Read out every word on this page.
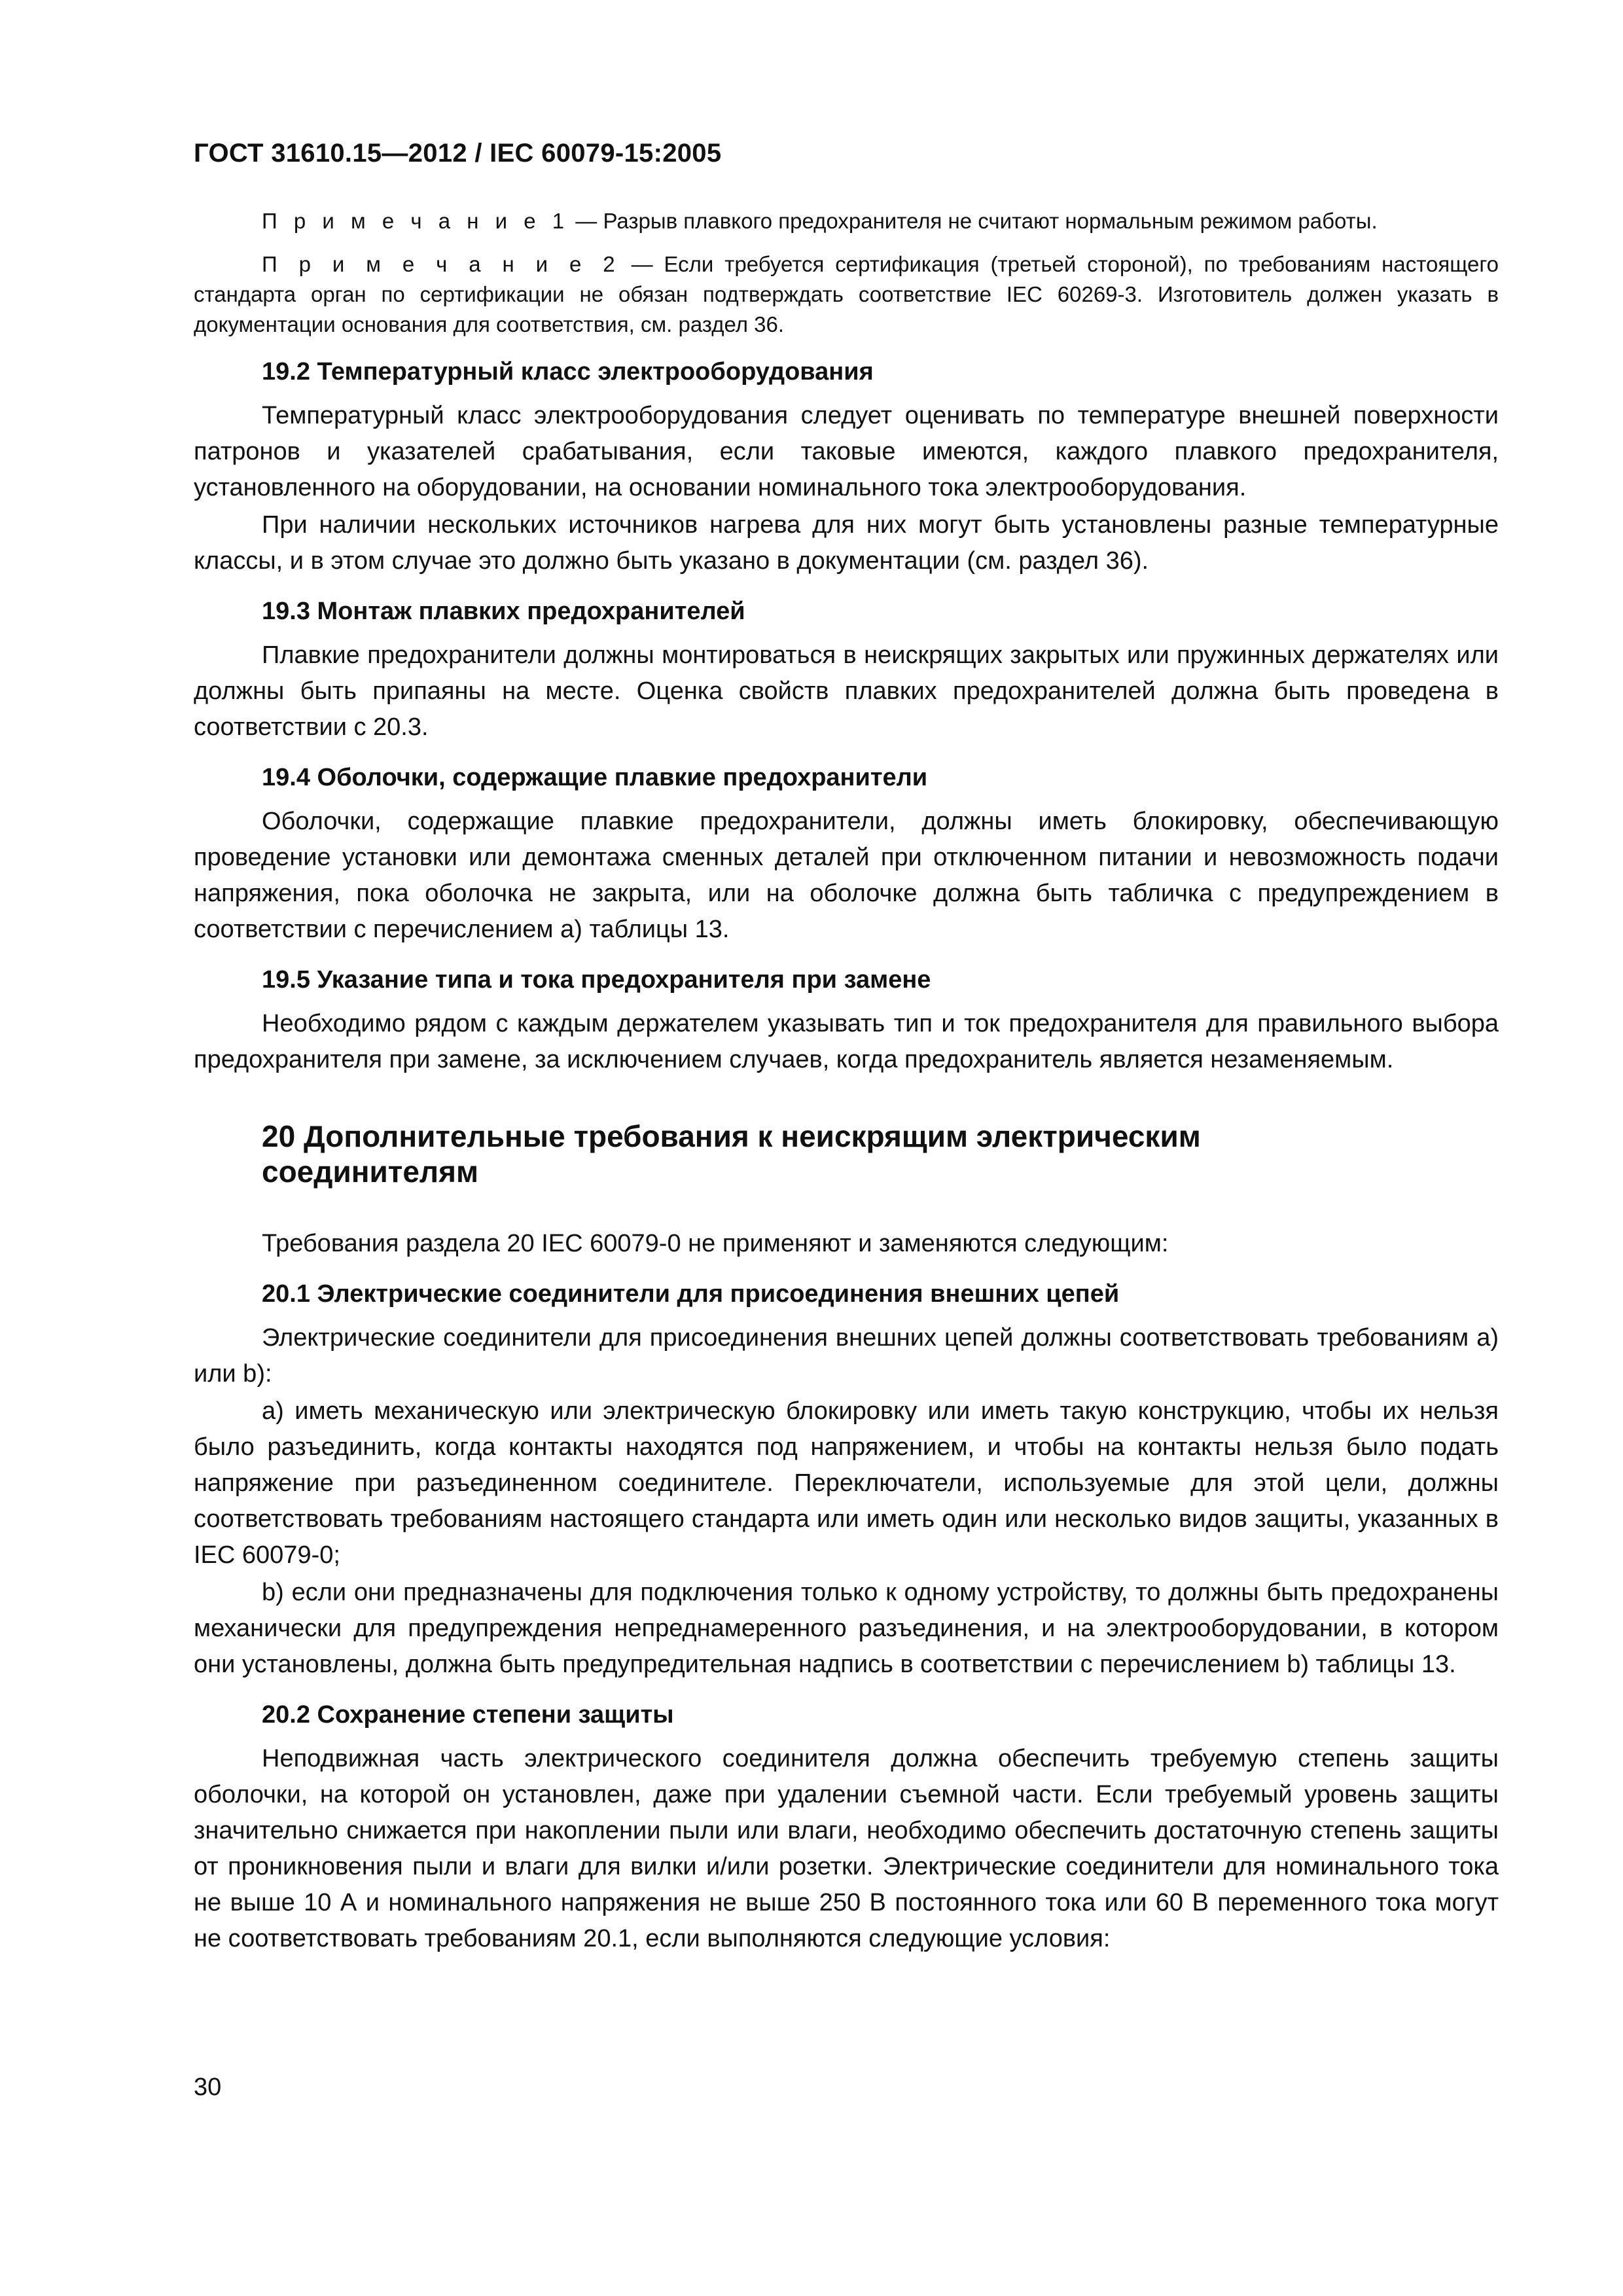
ГОСТ 31610.15—2012 / IEC 60079-15:2005

П р и м е ч а н и е 1 — Разрыв плавкого предохранителя не считают нормальным режимом работы.

П р и м е ч а н и е 2 — Если требуется сертификация (третьей стороной), по требованиям настоящего стандарта орган по сертификации не обязан подтверждать соответствие IEC 60269-3. Изготовитель должен указать в документации основания для соответствия, см. раздел 36.

19.2 Температурный класс электрооборудования

Температурный класс электрооборудования следует оценивать по температуре внешней поверхности патронов и указателей срабатывания, если таковые имеются, каждого плавкого предохранителя, установленного на оборудовании, на основании номинального тока электрооборудования.

При наличии нескольких источников нагрева для них могут быть установлены разные температурные классы, и в этом случае это должно быть указано в документации (см. раздел 36).

19.3 Монтаж плавких предохранителей

Плавкие предохранители должны монтироваться в неискрящих закрытых или пружинных держателях или должны быть припаяны на месте. Оценка свойств плавких предохранителей должна быть проведена в соответствии с 20.3.

19.4 Оболочки, содержащие плавкие предохранители

Оболочки, содержащие плавкие предохранители, должны иметь блокировку, обеспечивающую проведение установки или демонтажа сменных деталей при отключенном питании и невозможность подачи напряжения, пока оболочка не закрыта, или на оболочке должна быть табличка с предупреждением в соответствии с перечислением a) таблицы 13.

19.5 Указание типа и тока предохранителя при замене

Необходимо рядом с каждым держателем указывать тип и ток предохранителя для правильного выбора предохранителя при замене, за исключением случаев, когда предохранитель является незаменяемым.

20 Дополнительные требования к неискрящим электрическим соединителям

Требования раздела 20 IEC 60079-0 не применяют и заменяются следующим:

20.1 Электрические соединители для присоединения внешних цепей

Электрические соединители для присоединения внешних цепей должны соответствовать требованиям a) или b):

a) иметь механическую или электрическую блокировку или иметь такую конструкцию, чтобы их нельзя было разъединить, когда контакты находятся под напряжением, и чтобы на контакты нельзя было подать напряжение при разъединенном соединителе. Переключатели, используемые для этой цели, должны соответствовать требованиям настоящего стандарта или иметь один или несколько видов защиты, указанных в IEC 60079-0;

b) если они предназначены для подключения только к одному устройству, то должны быть предохранены механически для предупреждения непреднамеренного разъединения, и на электрооборудовании, в котором они установлены, должна быть предупредительная надпись в соответствии с перечислением b) таблицы 13.

20.2 Сохранение степени защиты

Неподвижная часть электрического соединителя должна обеспечить требуемую степень защиты оболочки, на которой он установлен, даже при удалении съемной части. Если требуемый уровень защиты значительно снижается при накоплении пыли или влаги, необходимо обеспечить достаточную степень защиты от проникновения пыли и влаги для вилки и/или розетки. Электрические соединители для номинального тока не выше 10 А и номинального напряжения не выше 250 В постоянного тока или 60 В переменного тока могут не соответствовать требованиям 20.1, если выполняются следующие условия:

30
